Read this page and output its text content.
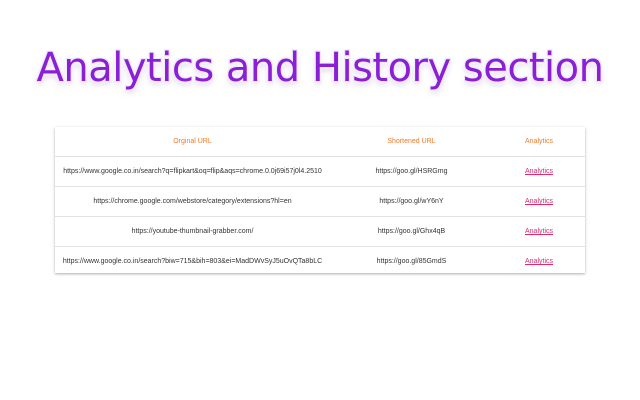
Analytics and History section
Orginal URL	Shortened URL	Analytics
https://www.google.co.in/search?q=flipkart&oq=flip&aqs=chrome.0.0j69i57j0l4.2510	https://goo.gl/HSRGmg	Analytics
https://chrome.google.com/webstore/category/extensions?hl=en	https://goo.gl/wY6nY	Analytics
https://youtube-thumbnail-grabber.com/	https://goo.gl/Ghx4qB	Analytics
https://www.google.co.in/search?biw=715&bih=803&ei=MadDWvSyJ5uOvQTa8bLC	https://goo.gl/85GmdS	Analytics
